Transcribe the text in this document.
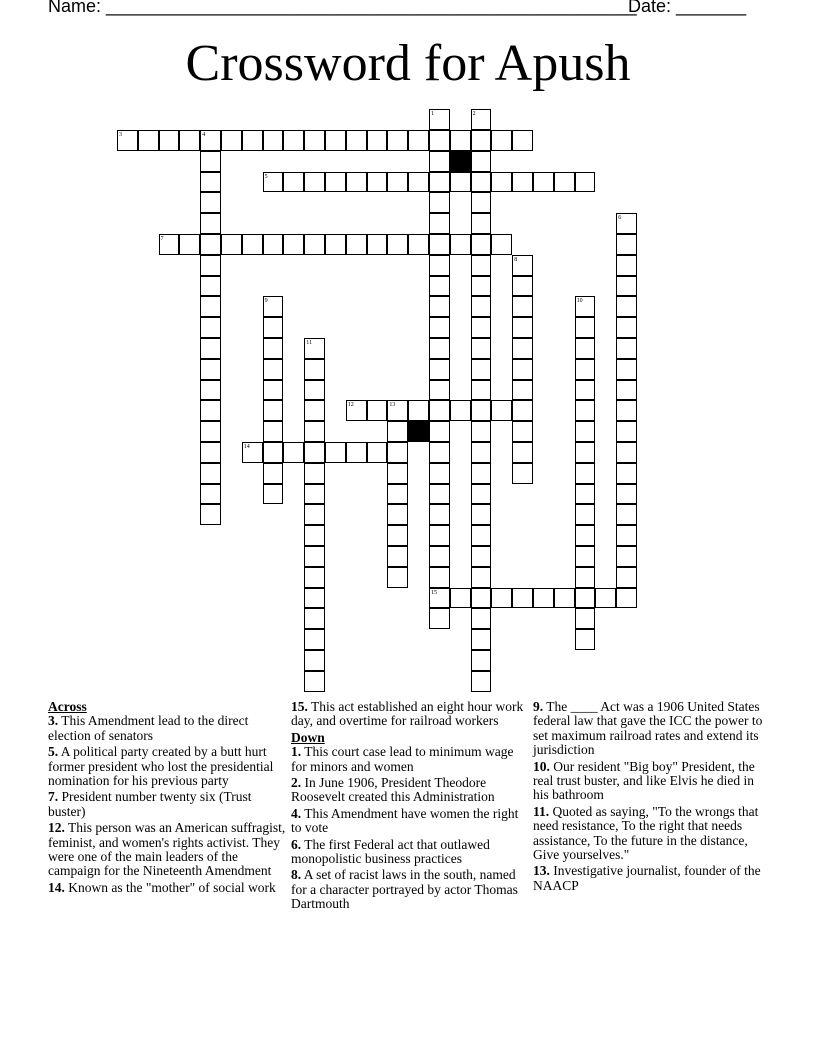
Name: _____________________________________________________
Date: _______
Crossword for Apush
3
5
7
12
14
15
1	2
4
6
8
9	10
11
13
Across
3. This Amendment lead to the direct election of senators
5. A political party created by a butt hurt former president who lost the presidential nomination for his previous party
7. President number twenty six (Trust buster)
12. This person was an American suffragist, feminist, and women's rights activist. They were one of the main leaders of the campaign for the Nineteenth Amendment
14. Known as the "mother" of social work
15. This act established an eight hour work day, and overtime for railroad workers
Down
1. This court case lead to minimum wage for minors and women
2. In June 1906, President Theodore Roosevelt created this Administration
4. This Amendment have women the right to vote
6. The first Federal act that outlawed monopolistic business practices
8. A set of racist laws in the south, named for a character portrayed by actor Thomas Dartmouth
9. The ____ Act was a 1906 United States federal law that gave the ICC the power to set maximum railroad rates and extend its jurisdiction
10. Our resident "Big boy" President, the real trust buster, and like Elvis he died in his bathroom
11. Quoted as saying, "To the wrongs that need resistance, To the right that needs assistance, To the future in the distance, Give yourselves."
13. Investigative journalist, founder of the NAACP
